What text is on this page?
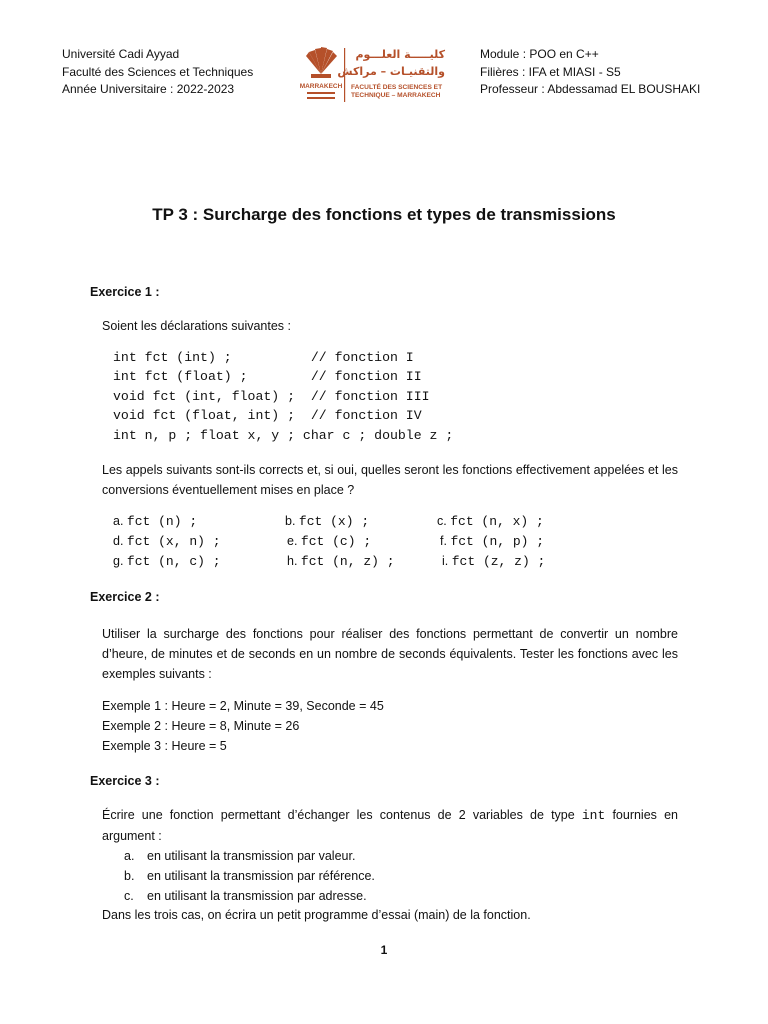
Université Cadi Ayyad
Faculté des Sciences et Techniques
Année Universitaire : 2022-2023	MARRAKECH
كليـــــة العلـــوم
والتقنيـات – مراكش
FACULTÉ DES SCIENCES ET
TECHNIQUE – MARRAKECH
Module : POO en C++
Filières : IFA et MIASI - S5
Professeur : Abdessamad EL BOUSHAKI
TP 3 : Surcharge des fonctions et types de transmissions
Exercice 1 :
Soient les déclarations suivantes :
int fct (int) ;          // fonction I
int fct (float) ;        // fonction II
void fct (int, float) ;  // fonction III
void fct (float, int) ;  // fonction IV
int n, p ; float x, y ; char c ; double z ;
Les appels suivants sont-ils corrects et, si oui, quelles seront les fonctions effectivement appelées et les conversions éventuellement mises en place ?
a. fct (n) ;	b. fct (x) ;	c. fct (n, x) ;
d. fct (x, n) ;	e. fct (c) ;	f. fct (n, p) ;
g. fct (n, c) ;	h. fct (n, z) ;	i. fct (z, z) ;
Exercice 2 :
Utiliser la surcharge des fonctions pour réaliser des fonctions permettant de convertir un nombre d’heure, de minutes et de seconds en un nombre de seconds équivalents. Tester les fonctions avec les exemples suivants :
Exemple 1 : Heure = 2, Minute = 39, Seconde = 45
Exemple 2 : Heure = 8, Minute = 26
Exemple 3 : Heure = 5
Exercice 3 :
Écrire une fonction permettant d’échanger les contenus de 2 variables de type int fournies en argument :
a.	en utilisant la transmission par valeur.
b.	en utilisant la transmission par référence.
c.	en utilisant la transmission par adresse.
Dans les trois cas, on écrira un petit programme d’essai (main) de la fonction.
1
